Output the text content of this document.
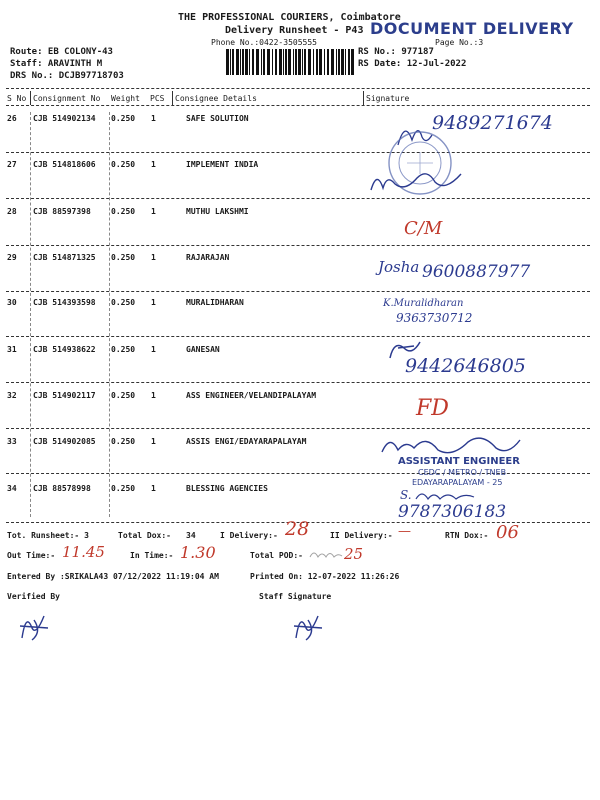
THE PROFESSIONAL COURIERS, Coimbatore
Delivery Runsheet - P43 DOCUMENT DELIVERY
Phone No.:0422-3505555	Page No.:3
Route: EB COLONY-43
Staff: ARAVINTH M
DRS No.: DCJB97718703
RS No.: 977187
RS Date: 12-Jul-2022
S No Consignment No Weight PCS Consignee Details	Signature
26 CJB 514902134 0.250 1	SAFE SOLUTION
27 CJB 514818606 0.250 1	IMPLEMENT INDIA
28 CJB 88597398	0.250 1	MUTHU LAKSHMI
29 CJB 514871325 0.250 1	RAJARAJAN
30 CJB 514393598 0.250 1	MURALIDHARAN
31 CJB 514938622 0.250 1	GANESAN
32 CJB 514902117 0.250 1	ASS ENGINEER/VELANDIPALAYAM
33 CJB 514902085 0.250 1	ASSIS ENGI/EDAYARAPALAYAM
34 CJB 88578998	0.250 1	BLESSING AGENCIES
9489271674
C/M
Josha 9600887977
K.Muralidharan
9363730712
9442646805
FD
ASSISTANT ENGINEER
CEDC / METRO / TNEB
EDAYARAPALAYAM - 25
S.
9787306183
Tot. Runsheet:- 3	Total Dox:- 34	I Delivery:- 28	II Delivery:- —	RTN Dox:- 06
Out Time:- 11.45	In Time:- 1.30	Total POD:-	25
Entered By :SRIKALA43 07/12/2022 11:19:04 AM	Printed On: 12-07-2022 11:26:26
Verified By	Staff Signature
